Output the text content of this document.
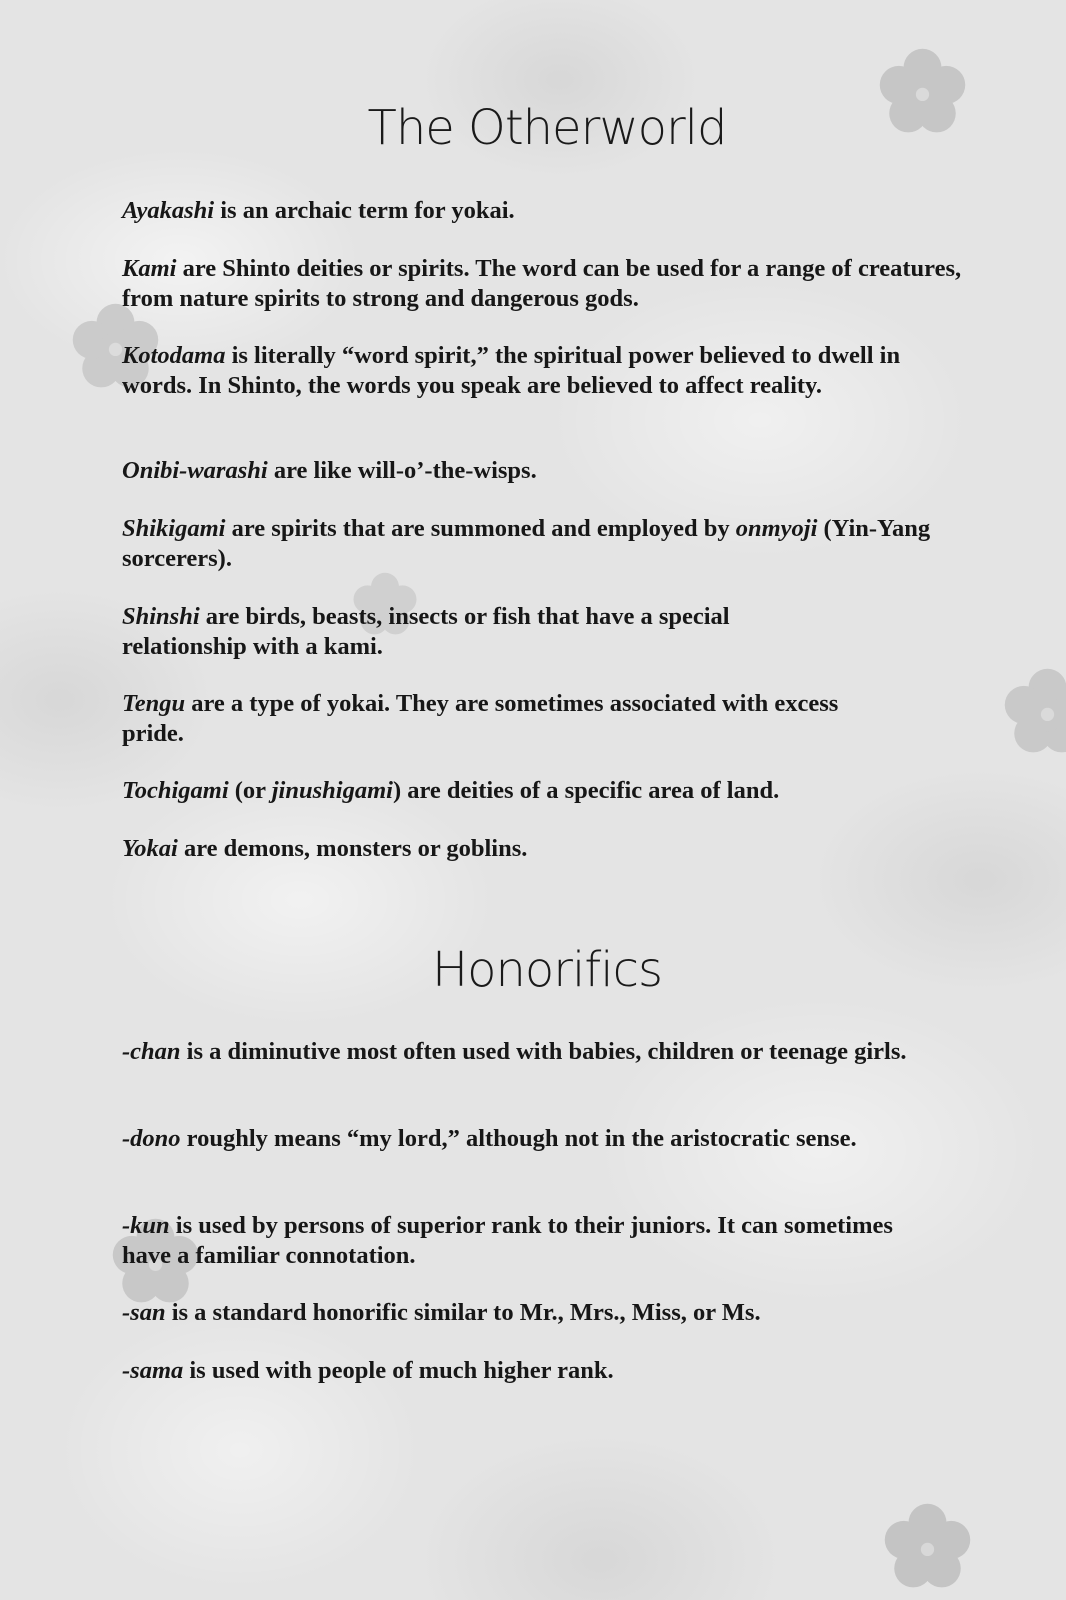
The Otherworld

Ayakashi is an archaic term for yokai.

Kami are Shinto deities or spirits. The word can be used for a range of creatures, from nature spirits to strong and dangerous gods.

Kotodama is literally “word spirit,” the spiritual power believed to dwell in words. In Shinto, the words you speak are believed to affect reality.

Onibi-warashi are like will-o’-the-wisps.

Shikigami are spirits that are summoned and employed by onmyoji (Yin-Yang sorcerers).

Shinshi are birds, beasts, insects or fish that have a special relationship with a kami.

Tengu are a type of yokai. They are sometimes associated with excess pride.

Tochigami (or jinushigami) are deities of a specific area of land.

Yokai are demons, monsters or goblins.

Honorifics

-chan is a diminutive most often used with babies, children or teenage girls.

-dono roughly means “my lord,” although not in the aristocratic sense.

-kun is used by persons of superior rank to their juniors. It can sometimes have a familiar connotation.

-san is a standard honorific similar to Mr., Mrs., Miss, or Ms.

-sama is used with people of much higher rank.
